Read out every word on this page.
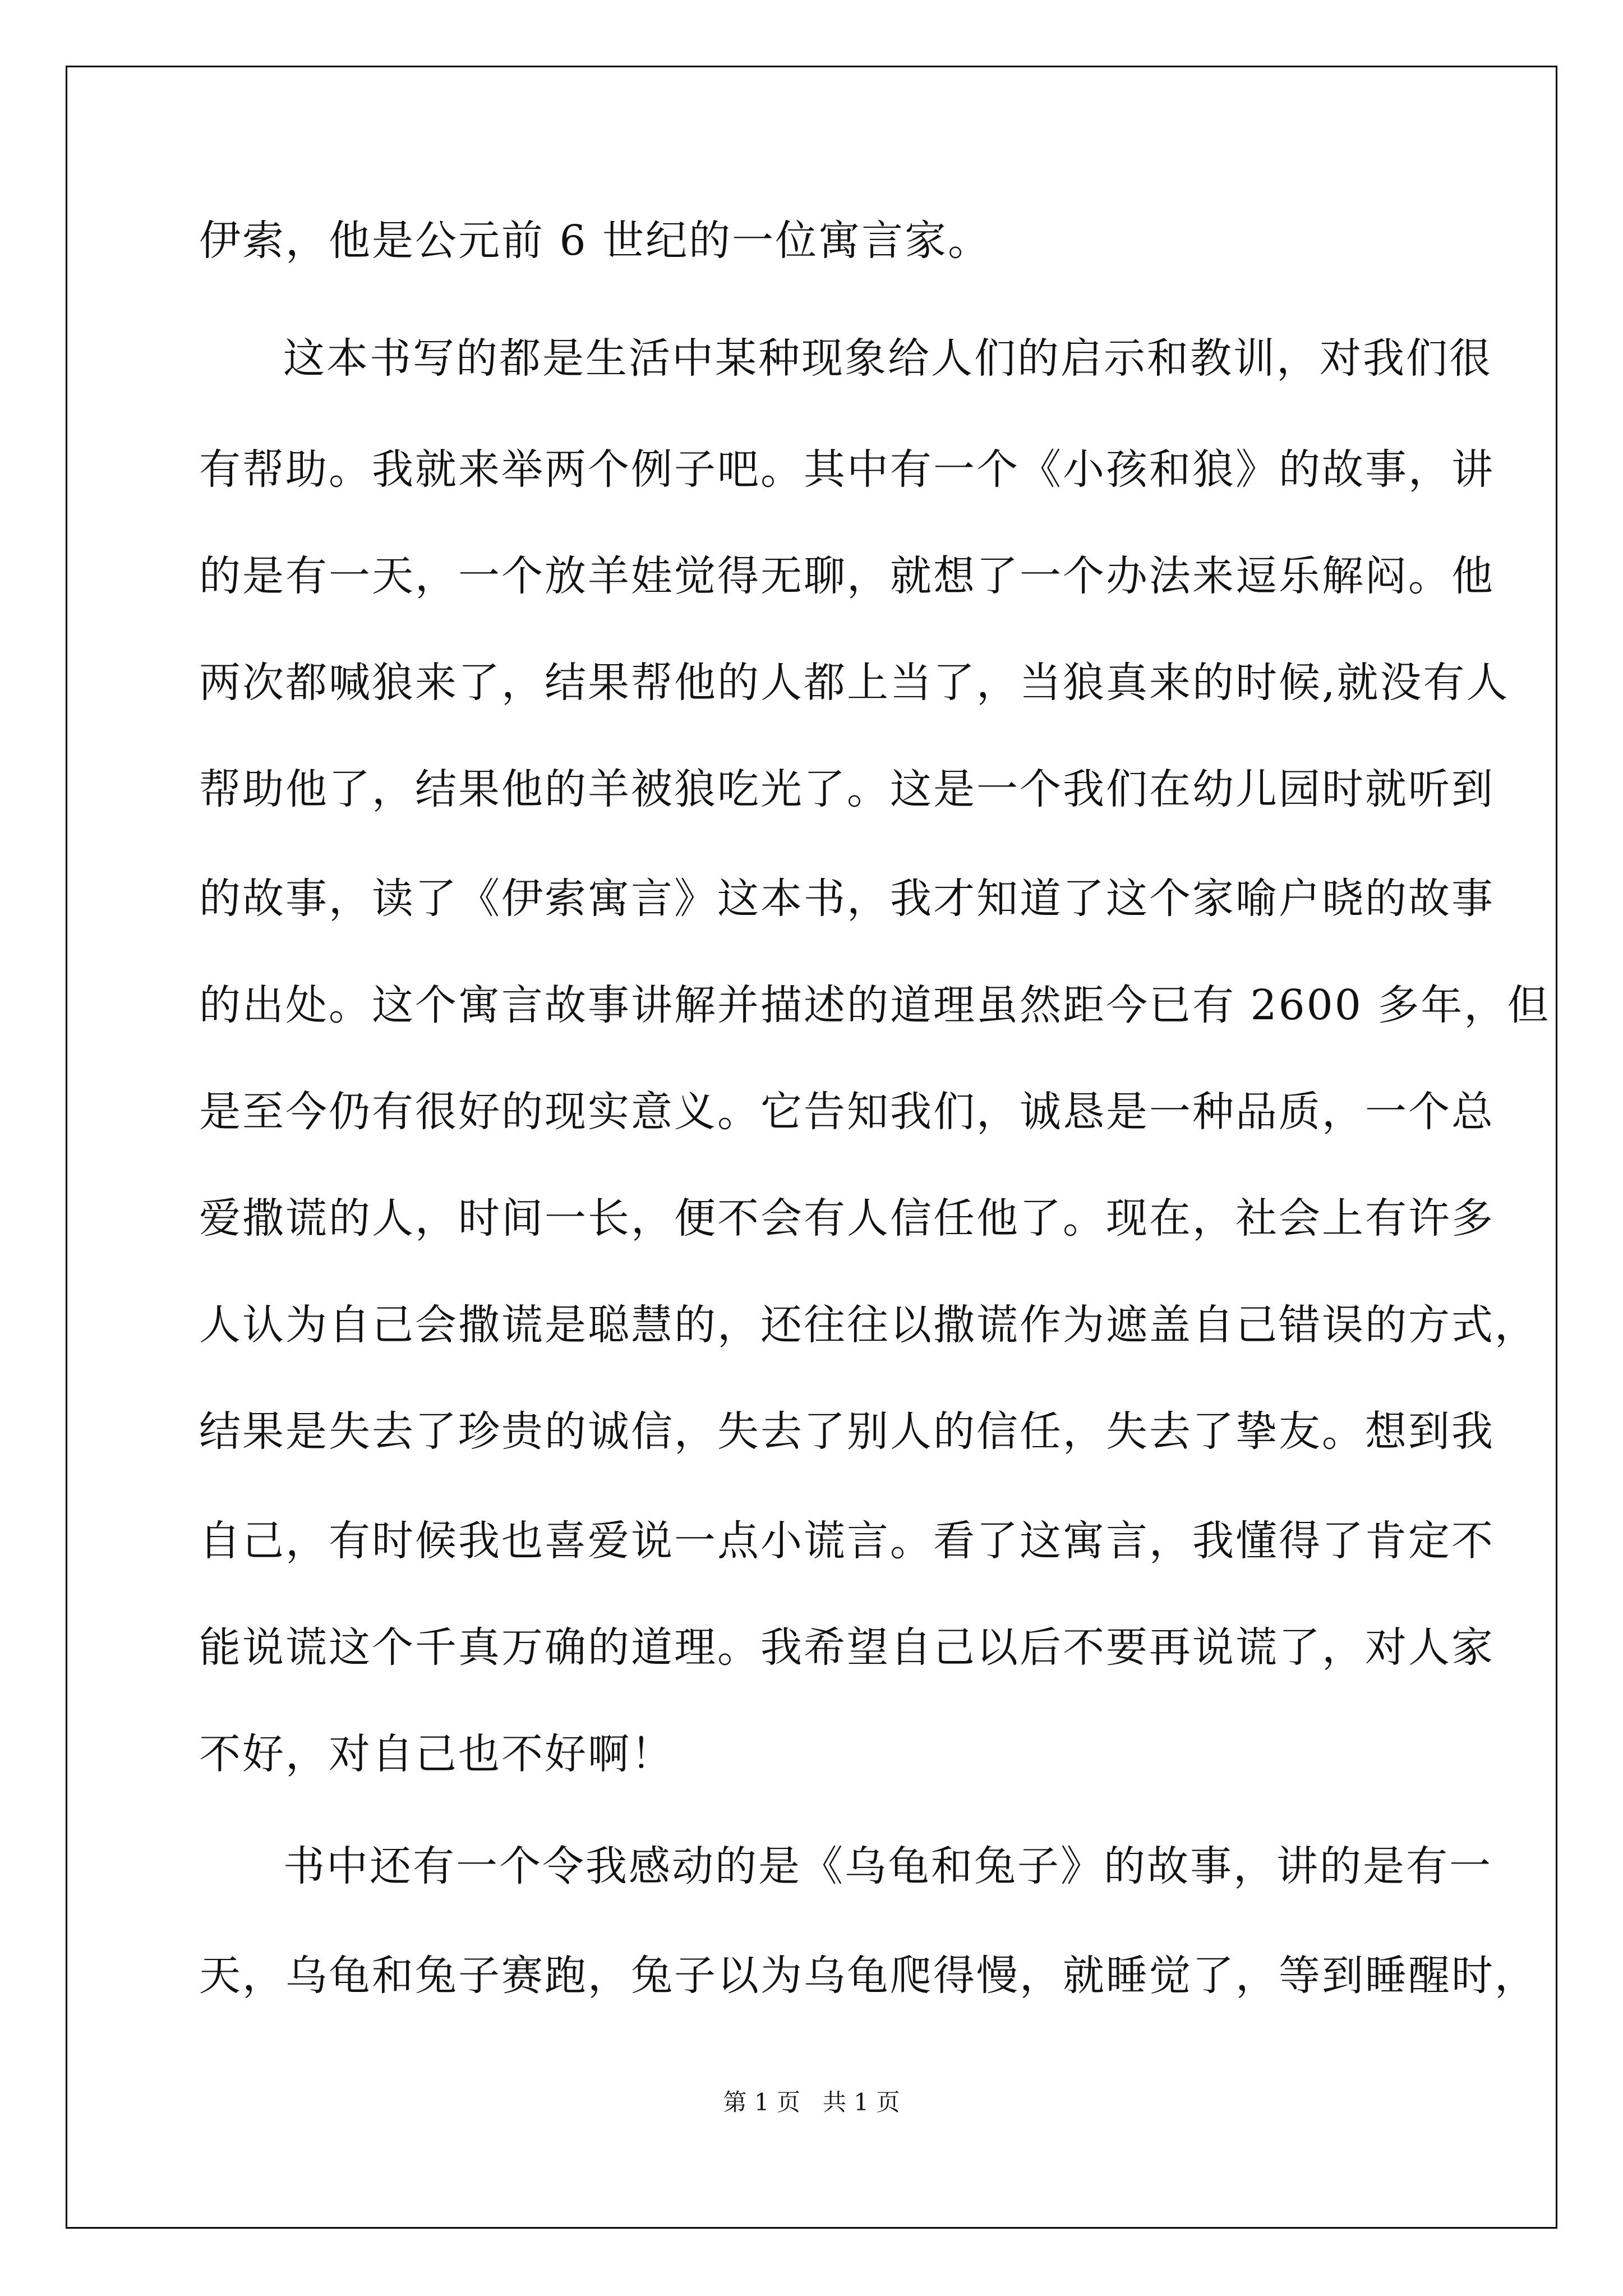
伊索，他是公元前 6 世纪的一位寓言家。

这本书写的都是生活中某种现象给人们的启示和教训，对我们很

有帮助。我就来举两个例子吧。其中有一个《小孩和狼》的故事，讲

的是有一天，一个放羊娃觉得无聊，就想了一个办法来逗乐解闷。他

两次都喊狼来了，结果帮他的人都上当了，当狼真来的时候,就没有人

帮助他了，结果他的羊被狼吃光了。这是一个我们在幼儿园时就听到

的故事，读了《伊索寓言》这本书，我才知道了这个家喻户晓的故事

的出处。这个寓言故事讲解并描述的道理虽然距今已有 2600 多年，但

是至今仍有很好的现实意义。它告知我们，诚恳是一种品质，一个总

爱撒谎的人，时间一长，便不会有人信任他了。现在，社会上有许多

人认为自己会撒谎是聪慧的，还往往以撒谎作为遮盖自己错误的方式，

结果是失去了珍贵的诚信，失去了别人的信任，失去了挚友。想到我

自己，有时候我也喜爱说一点小谎言。看了这寓言，我懂得了肯定不

能说谎这个千真万确的道理。我希望自己以后不要再说谎了，对人家

不好，对自己也不好啊！

书中还有一个令我感动的是《乌龟和兔子》的故事，讲的是有一

天，乌龟和兔子赛跑，兔子以为乌龟爬得慢，就睡觉了，等到睡醒时，

第 1 页   共 1 页
